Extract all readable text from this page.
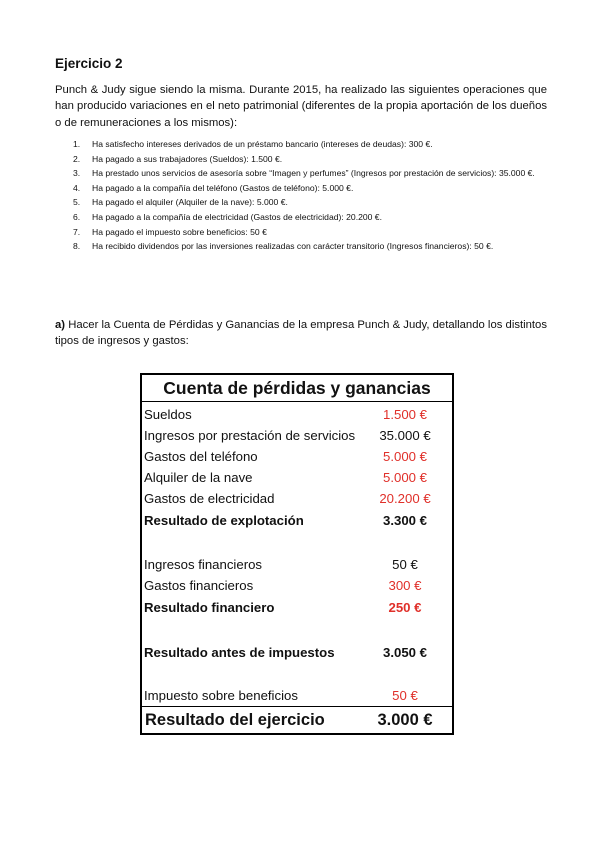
Ejercicio 2
Punch & Judy sigue siendo la misma. Durante 2015, ha realizado las siguientes operaciones que han producido variaciones en el neto patrimonial (diferentes de la propia aportación de los dueños o de remuneraciones a los mismos):
1. Ha satisfecho intereses derivados de un préstamo bancario (intereses de deudas): 300 €.
2. Ha pagado a sus trabajadores (Sueldos): 1.500 €.
3. Ha prestado unos servicios de asesoría sobre “Imagen y perfumes” (Ingresos por prestación de servicios): 35.000 €.
4. Ha pagado a la compañía del teléfono (Gastos de teléfono): 5.000 €.
5. Ha pagado el alquiler (Alquiler de la nave): 5.000 €.
6. Ha pagado a la compañía de electricidad (Gastos de electricidad): 20.200 €.
7. Ha pagado el impuesto sobre beneficios: 50 €
8. Ha recibido dividendos por las inversiones realizadas con carácter transitorio (Ingresos financieros): 50 €.
a) Hacer la Cuenta de Pérdidas y Ganancias de la empresa Punch & Judy, detallando los distintos tipos de ingresos y gastos:
Cuenta de pérdidas y ganancias
Sueldos	1.500 €
Ingresos por prestación de servicios	35.000 €
Gastos del teléfono	5.000 €
Alquiler de la nave	5.000 €
Gastos de electricidad	20.200 €
Resultado de explotación	3.300 €
Ingresos financieros	50 €
Gastos financieros	300 €
Resultado financiero	250 €
Resultado antes de impuestos	3.050 €
Impuesto sobre beneficios	50 €
Resultado del ejercicio	3.000 €
